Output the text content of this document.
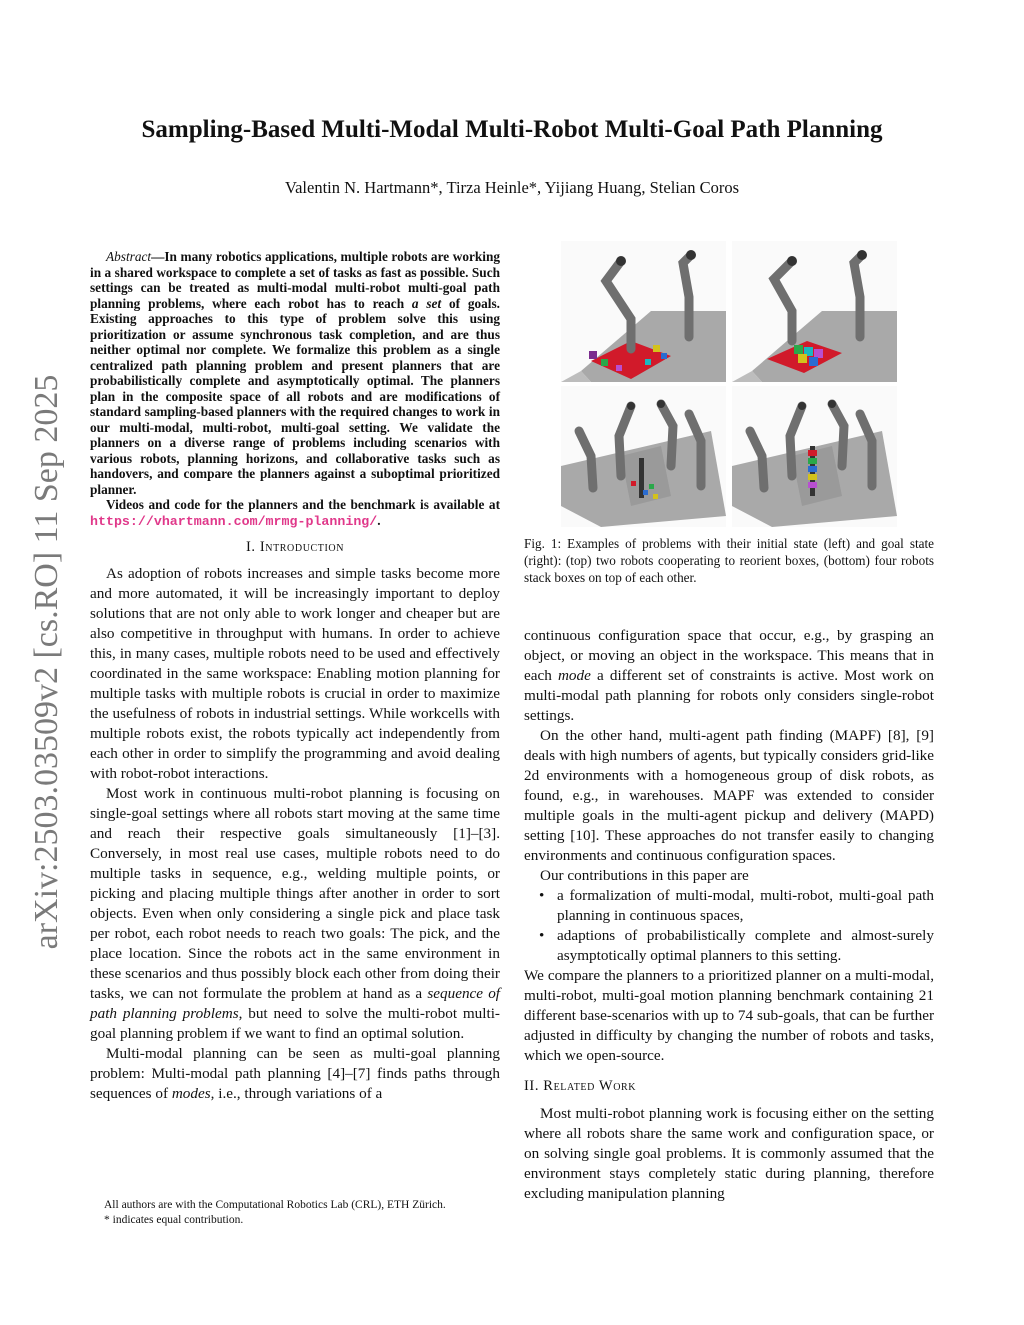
Sampling-Based Multi-Modal Multi-Robot Multi-Goal Path Planning
Valentin N. Hartmann*, Tirza Heinle*, Yijiang Huang, Stelian Coros
arXiv:2503.03509v2 [cs.RO] 11 Sep 2025

Abstract—In many robotics applications, multiple robots are working in a shared workspace to complete a set of tasks as fast as possible. Such settings can be treated as multi-modal multi-robot multi-goal path planning problems, where each robot has to reach a set of goals. Existing approaches to this type of problem solve this using prioritization or assume synchronous task completion, and are thus neither optimal nor complete. We formalize this problem as a single centralized path planning problem and present planners that are probabilistically complete and asymptotically optimal. The planners plan in the composite space of all robots and are modifications of standard sampling-based planners with the required changes to work in our multi-modal, multi-robot, multi-goal setting. We validate the planners on a diverse range of problems including scenarios with various robots, planning horizons, and collaborative tasks such as handovers, and compare the planners against a suboptimal prioritized planner.

Videos and code for the planners and the benchmark is available at https://vhartmann.com/mrmg-planning/.

I. Introduction

As adoption of robots increases and simple tasks become more and more automated, it will be increasingly important to deploy solutions that are not only able to work longer and cheaper but are also competitive in throughput with humans. In order to achieve this, in many cases, multiple robots need to be used and effectively coordinated in the same workspace: Enabling motion planning for multiple tasks with multiple robots is crucial in order to maximize the usefulness of robots in industrial settings. While workcells with multiple robots exist, the robots typically act independently from each other in order to simplify the programming and avoid dealing with robot-robot interactions.

Most work in continuous multi-robot planning is focusing on single-goal settings where all robots start moving at the same time and reach their respective goals simultaneously [1]–[3]. Conversely, in most real use cases, multiple robots need to do multiple tasks in sequence, e.g., welding multiple points, or picking and placing multiple things after another in order to sort objects. Even when only considering a single pick and place task per robot, each robot needs to reach two goals: The pick, and the place location. Since the robots act in the same environment in these scenarios and thus possibly block each other from doing their tasks, we can not formulate the problem at hand as a sequence of path planning problems, but need to solve the multi-robot multi-goal planning problem if we want to find an optimal solution.

Multi-modal planning can be seen as multi-goal planning problem: Multi-modal path planning [4]–[7] finds paths through sequences of modes, i.e., through variations of a

All authors are with the Computational Robotics Lab (CRL), ETH Zürich.

* indicates equal contribution.

Fig. 1: Examples of problems with their initial state (left) and goal state (right): (top) two robots cooperating to reorient boxes, (bottom) four robots stack boxes on top of each other.

continuous configuration space that occur, e.g., by grasping an object, or moving an object in the workspace. This means that in each mode a different set of constraints is active. Most work on multi-modal path planning for robots only considers single-robot settings.

On the other hand, multi-agent path finding (MAPF) [8], [9] deals with high numbers of agents, but typically considers grid-like 2d environments with a homogeneous group of disk robots, as found, e.g., in warehouses. MAPF was extended to consider multiple goals in the multi-agent pickup and delivery (MAPD) setting [10]. These approaches do not transfer easily to changing environments and continuous configuration spaces.

Our contributions in this paper are

• a formalization of multi-modal, multi-robot, multi-goal path planning in continuous spaces,
• adaptions of probabilistically complete and almost-surely asymptotically optimal planners to this setting.

We compare the planners to a prioritized planner on a multi-modal, multi-robot, multi-goal motion planning benchmark containing 21 different base-scenarios with up to 74 sub-goals, that can be further adjusted in difficulty by changing the number of robots and tasks, which we open-source.

II. Related Work

Most multi-robot planning work is focusing either on the setting where all robots share the same work and configuration space, or on solving single goal problems. It is commonly assumed that the environment stays completely static during planning, therefore excluding manipulation planning
